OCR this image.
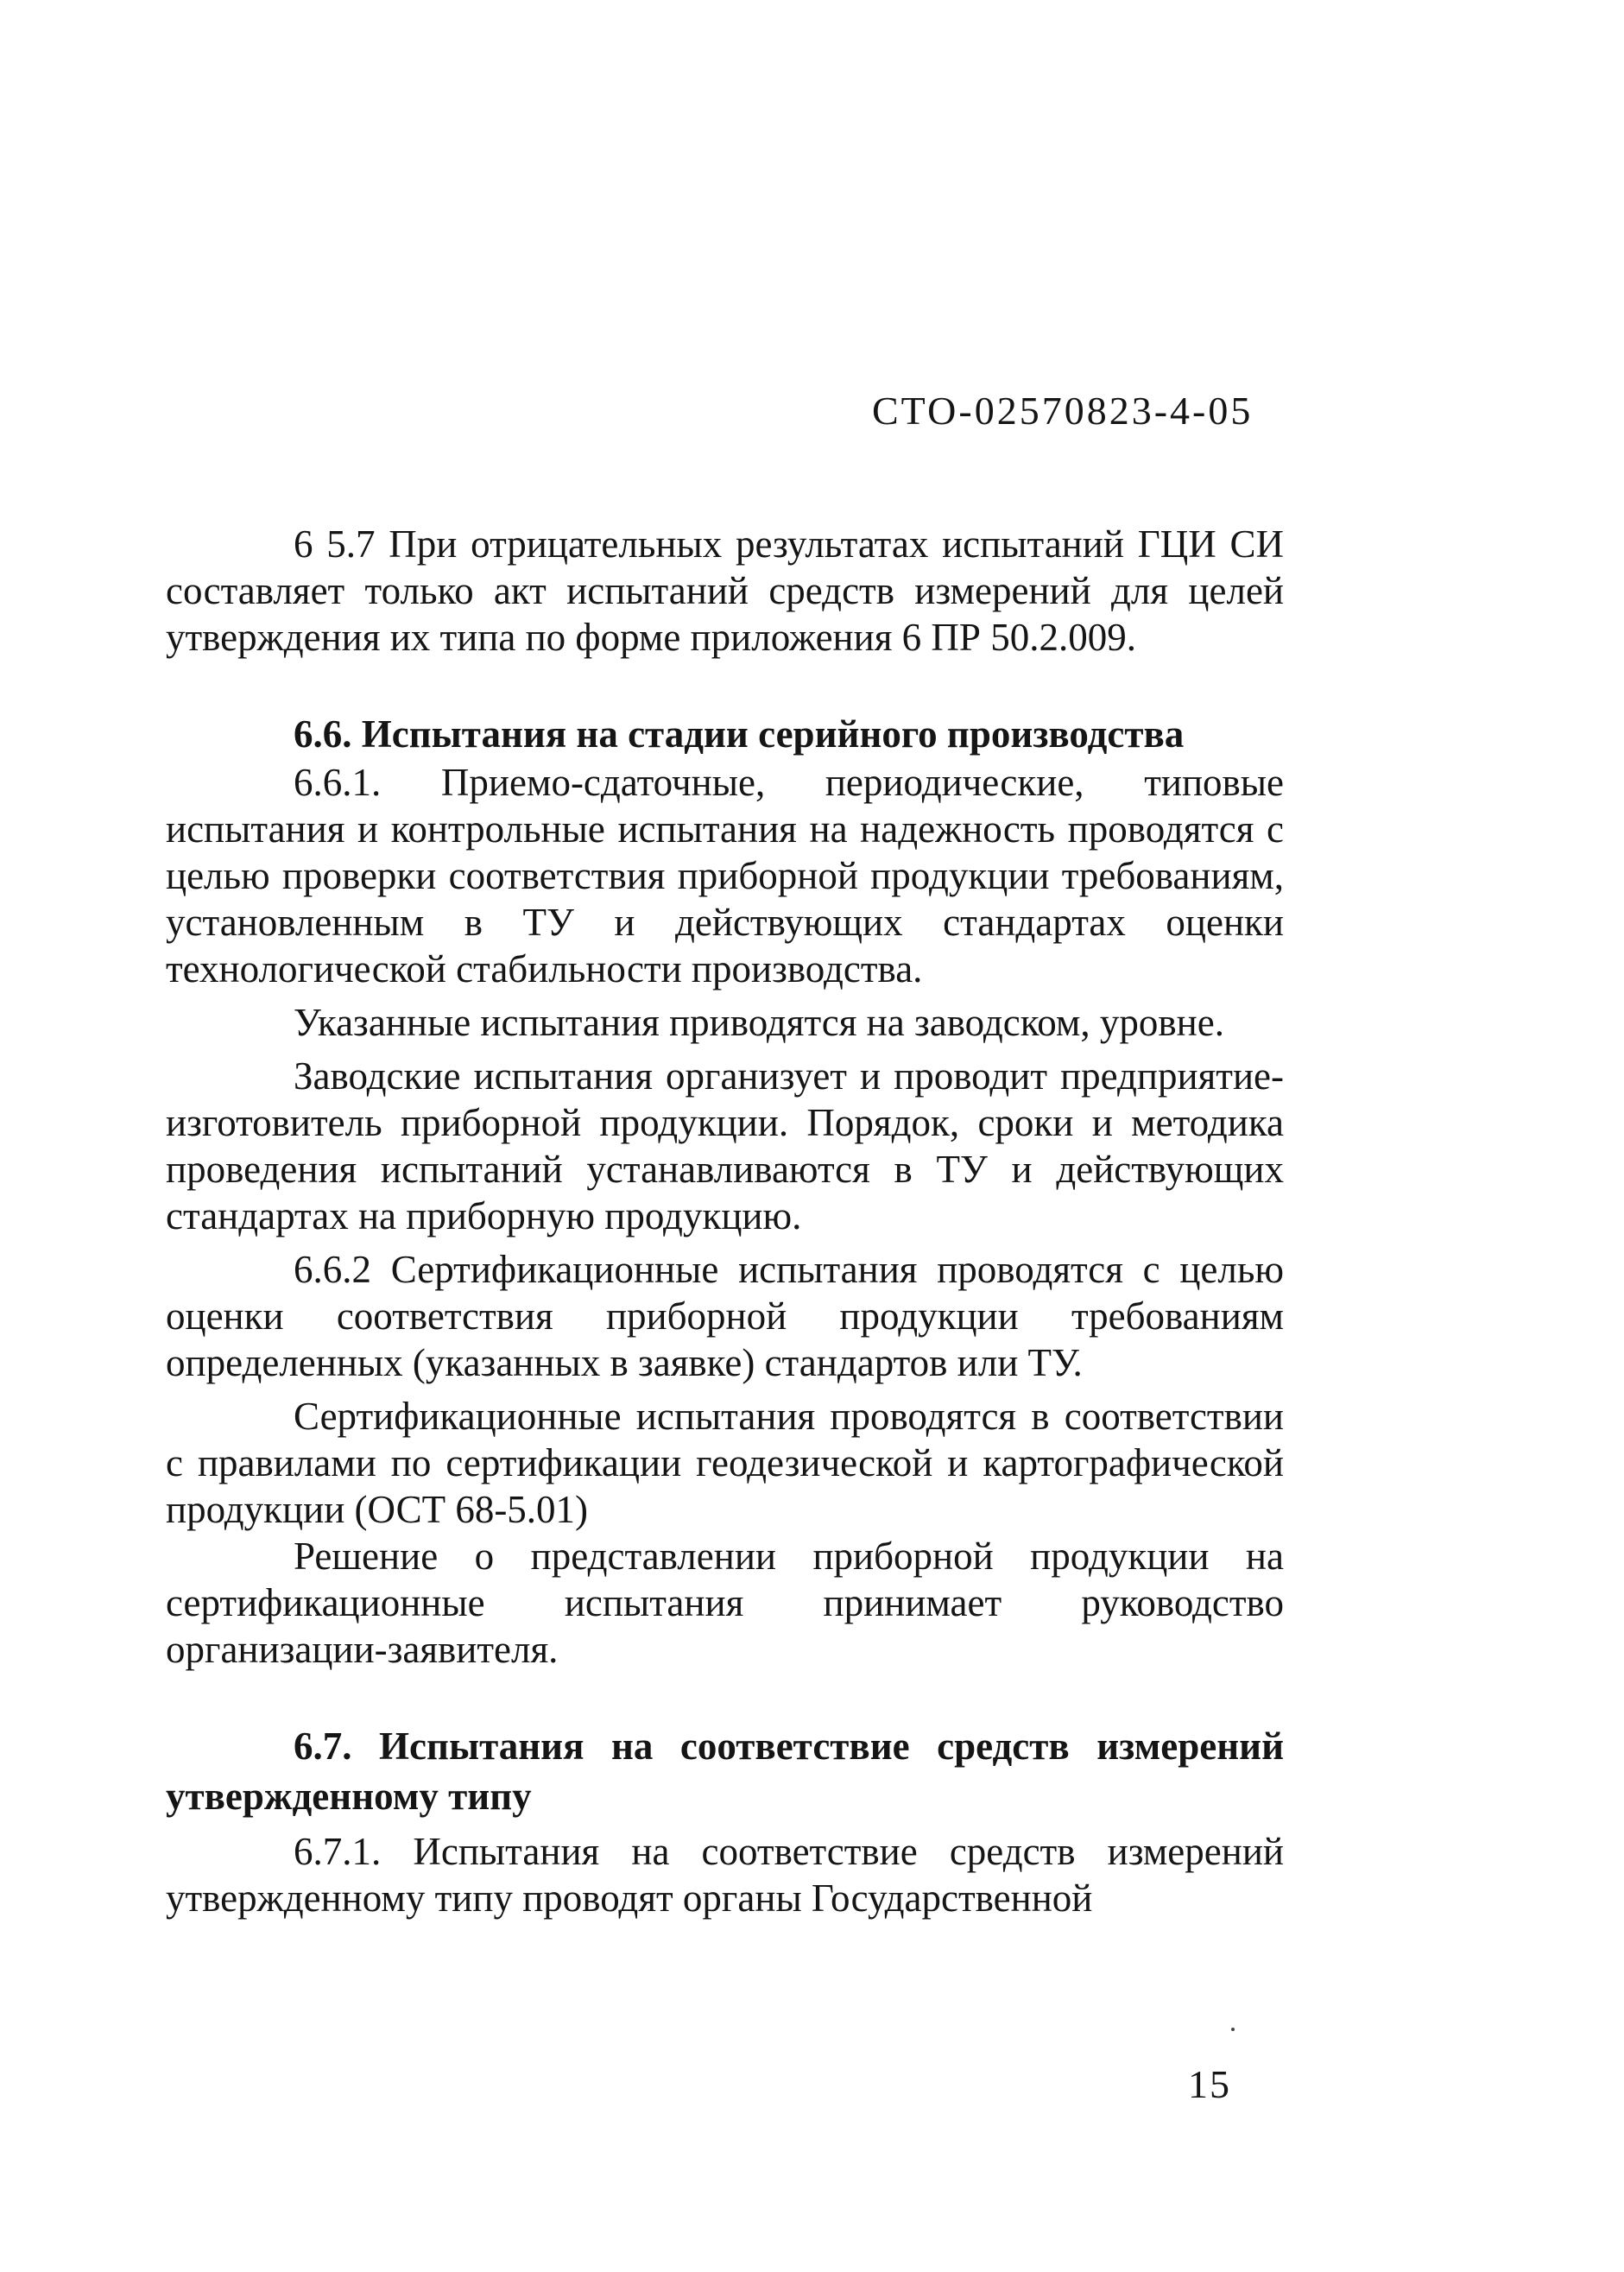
СТО-02570823-4-05

6 5.7 При отрицательных результатах испытаний ГЦИ СИ составляет только акт испытаний средств измерений для целей утверждения их типа по форме приложения 6 ПР 50.2.009.

6.6. Испытания на стадии серийного производства

6.6.1. Приемо-сдаточные, периодические, типовые испытания и контрольные испытания на надежность проводятся с целью проверки соответствия приборной продукции требованиям, установленным в ТУ и действующих стандартах оценки технологической стабильности производства.

Указанные испытания приводятся на заводском, уровне.

Заводские испытания организует и проводит предприятие-изготовитель приборной продукции. Порядок, сроки и методика проведения испытаний устанавливаются в ТУ и действующих стандартах на приборную продукцию.

6.6.2 Сертификационные испытания проводятся с целью оценки соответствия приборной продукции требованиям определенных (указанных в заявке) стандартов или ТУ.

Сертификационные испытания проводятся в соответствии с правилами по сертификации геодезической и картографической продукции (ОСТ 68-5.01)

Решение о представлении приборной продукции на сертификационные испытания принимает руководство организации-заявителя.

6.7. Испытания на соответствие средств измерений утвержденному типу

6.7.1. Испытания на соответствие средств измерений утвержденному типу проводят органы Государственной

15
